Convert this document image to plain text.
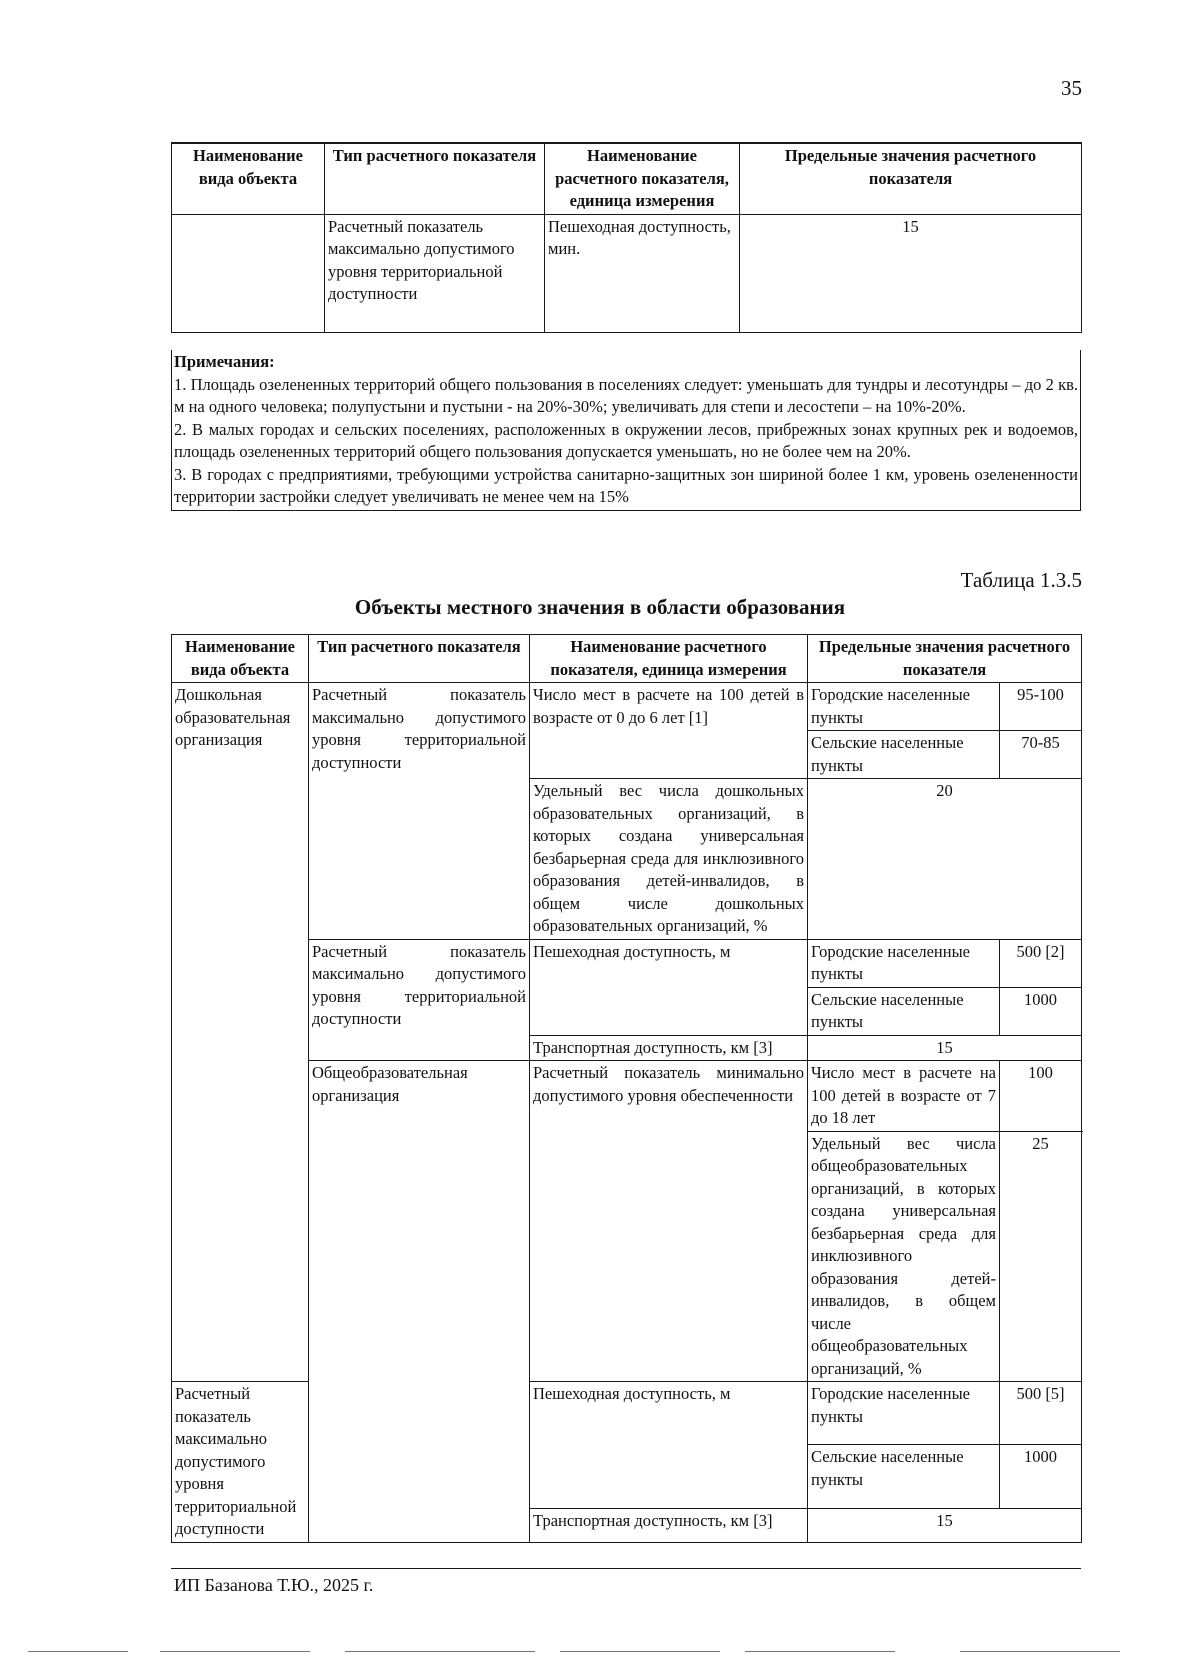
35
Наименование вида объекта	Тип расчетного показателя	Наименование расчетного показателя, единица измерения	Предельные значения расчетного показателя
	Расчетный показатель максимально допустимого уровня территориальной доступности	Пешеходная доступность, мин.	15
Примечания:

1. Площадь озелененных территорий общего пользования в поселениях следует: уменьшать для тундры и лесотундры – до 2 кв. м на одного человека; полупустыни и пустыни - на 20%-30%; увеличивать для степи и лесостепи – на 10%-20%.

2. В малых городах и сельских поселениях, расположенных в окружении лесов, прибрежных зонах крупных рек и водоемов, площадь озелененных территорий общего пользования допускается уменьшать, но не более чем на 20%.

3. В городах с предприятиями, требующими устройства санитарно-защитных зон шириной более 1 км, уровень озелененности территории застройки следует увеличивать не менее чем на 15%

Таблица 1.3.5
Объекты местного значения в области образования
Наименование вида объекта	Тип расчетного показателя	Наименование расчетного показателя, единица измерения	Предельные значения расчетного показателя	
Дошкольная образовательная организация	Расчетный показатель максимально допустимого уровня территориальной доступности	Число мест в расчете на 100 детей в возрасте от 0 до 6 лет [1]	Городские населенные пункты	95-100
			Сельские населенные пункты	70-85
		Удельный вес числа дошкольных образовательных организаций, в которых создана универсальная безбарьерная среда для инклюзивного образования детей-инвалидов, в общем числе дошкольных образовательных организаций, %	20	
	Расчетный показатель максимально допустимого уровня территориальной доступности	Пешеходная доступность, м	Городские населенные пункты	500 [2]
			Сельские населенные пункты	1000
		Транспортная доступность, км [3]	15	
	Общеобразовательная организация	Расчетный показатель минимально допустимого уровня обеспеченности	Число мест в расчете на 100 детей в возрасте от 7 до 18 лет	100
			Удельный вес числа общеобразовательных организаций, в которых создана универсальная безбарьерная среда для инклюзивного образования детей-инвалидов, в общем числе общеобразовательных организаций, %	25
Расчетный показатель максимально допустимого уровня территориальной доступности		Пешеходная доступность, м	Городские населенные пункты	500 [5]
			Сельские населенные пункты	1000
		Транспортная доступность, км [3]	15	
ИП Базанова Т.Ю., 2025 г.
